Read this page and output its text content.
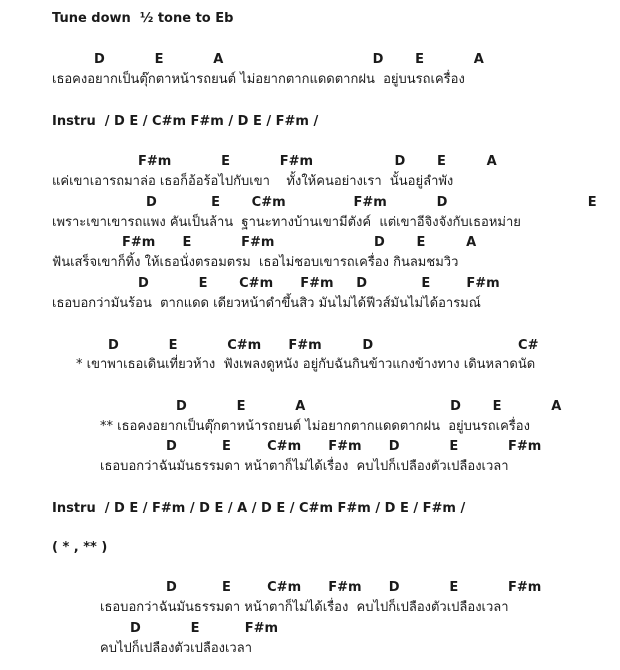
Tune down  ½ tone to Eb
D           E           A                                 D       E           A
เธอคงอยากเป็นตุ๊กตาหน้ารถยนต์ ไม่อยากตากแดดตากฝน  อยู่บนรถเครื่อง
Instru  / D E / C#m F#m / D E / F#m /
F#m           E           F#m                  D       E         A
แค่เขาเอารถมาล่อ เธอก็อ้อร้อไปกับเขา    ทั้งให้คนอย่างเรา  นั้นอยู่ลำพัง
D            E       C#m               F#m           D                               E
เพราะเขาเขารถแพง คันเป็นล้าน  ฐานะทางบ้านเขามีตังค์  แต่เขาอีจิงจังกับเธอหม่าย
F#m      E           F#m                      D       E         A
ฟันเสร็จเขาก็ทิ้ง ให้เธอนั่งตรอมตรม  เธอไม่ชอบเขารถเครื่อง กินลมชมวิว
D           E       C#m      F#m     D            E        F#m
เธอบอกว่ามันร้อน  ตากแดด เดียวหน้าดำขึ้นสิว มันไม่ได้ฟีวส์มันไม่ได้อารมณ์
D           E           C#m      F#m         D                                C#
* เขาพาเธอเดินเที่ยวห้าง  ฟังเพลงดูหนัง อยู่กับฉันกินข้าวแกงข้างทาง เดินหลาดนัด
D           E           A                                D       E           A
** เธอคงอยากเป็นตุ๊กตาหน้ารถยนต์ ไม่อยากตากแดดตากฝน  อยู่บนรถเครื่อง
D          E        C#m      F#m      D           E           F#m
เธอบอกว่าฉันมันธรรมดา หน้าตาก็ไม่ได้เรื่อง  คบไปก็เปลืองตัวเปลืองเวลา
Instru  / D E / F#m / D E / A / D E / C#m F#m / D E / F#m /
( * , ** )
D          E        C#m      F#m      D           E           F#m
เธอบอกว่าฉันมันธรรมดา หน้าตาก็ไม่ได้เรื่อง  คบไปก็เปลืองตัวเปลืองเวลา
D           E          F#m
คบไปก็เปลืองตัวเปลืองเวลา
